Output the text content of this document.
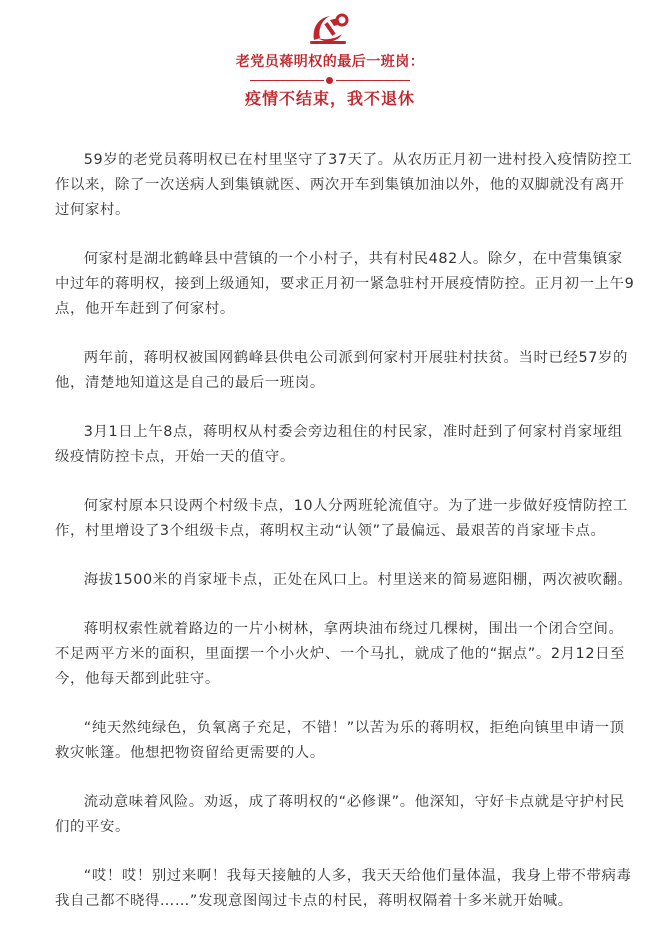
老党员蒋明权的最后一班岗：
疫情不结束，我不退休

59岁的老党员蒋明权已在村里坚守了37天了。从农历正月初一进村投入疫情防控工作以来，除了一次送病人到集镇就医、两次开车到集镇加油以外，他的双脚就没有离开过何家村。

何家村是湖北鹤峰县中营镇的一个小村子，共有村民482人。除夕，在中营集镇家中过年的蒋明权，接到上级通知，要求正月初一紧急驻村开展疫情防控。正月初一上午9点，他开车赶到了何家村。

两年前，蒋明权被国网鹤峰县供电公司派到何家村开展驻村扶贫。当时已经57岁的他，清楚地知道这是自己的最后一班岗。

3月1日上午8点，蒋明权从村委会旁边租住的村民家，准时赶到了何家村肖家垭组级疫情防控卡点，开始一天的值守。

何家村原本只设两个村级卡点，10人分两班轮流值守。为了进一步做好疫情防控工作，村里增设了3个组级卡点，蒋明权主动“认领”了最偏远、最艰苦的肖家垭卡点。

海拔1500米的肖家垭卡点，正处在风口上。村里送来的简易遮阳棚，两次被吹翻。

蒋明权索性就着路边的一片小树林，拿两块油布绕过几棵树，围出一个闭合空间。不足两平方米的面积，里面摆一个小火炉、一个马扎，就成了他的“据点”。2月12日至今，他每天都到此驻守。

“纯天然纯绿色，负氧离子充足，不错！”以苦为乐的蒋明权，拒绝向镇里申请一顶救灾帐篷。他想把物资留给更需要的人。

流动意味着风险。劝返，成了蒋明权的“必修课”。他深知，守好卡点就是守护村民们的平安。

“哎！哎！别过来啊！我每天接触的人多，我天天给他们量体温，我身上带不带病毒我自己都不晓得……”发现意图闯过卡点的村民，蒋明权隔着十多米就开始喊。
